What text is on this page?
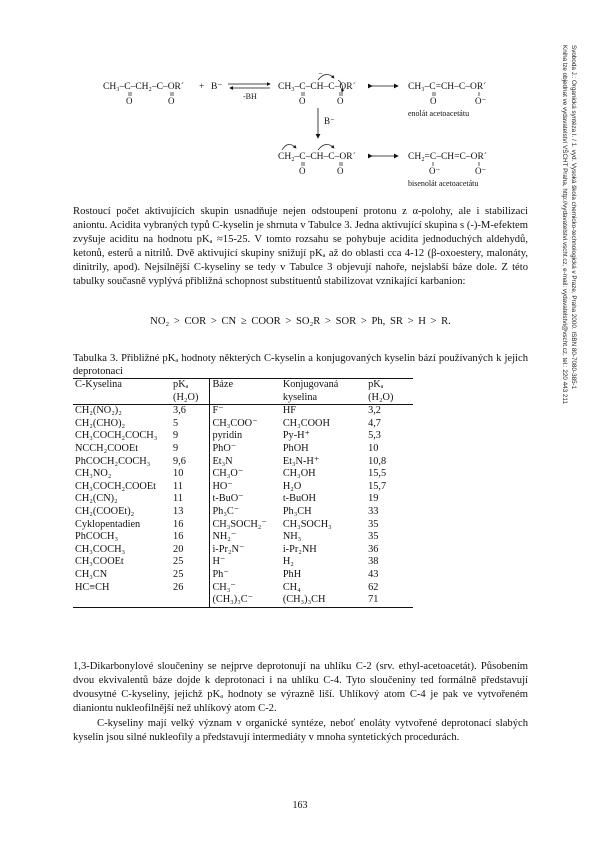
CH₃–C–CH₂–C–OR´
O	O
+ B⁻
-BH
CH₃–C–CH–C–OR´
⁻
O	O
CH₃–C=CH–C–OR´
O	O⁻
enolát acetoacetátu
B⁻
CH₂–C–CH–C–OR´
O	O
CH₂=C–CH=C–OR´
O⁻	O⁻
bisenolát acetoacetátu	Svoboda J.: Organická syntéza I. / 1. vyd. Vysoká škola chemicko-technologická v Praze, Praha 2000. ISBN 80-7080-385-1
Kniha lze objednat ve vydavatelství VŠCHT Praha, http://vydavatelstvi.vscht.cz, e-mail: vydavatelstvi@vscht.cz, tel.: 220 443 211

Rostoucí počet aktivujících skupin usnadňuje nejen odstoupení protonu z α-polohy, ale i stabilizaci aniontu. Acidita vybraných typů C-kyselin je shrnuta v Tabulce 3. Jedna aktivující skupina s (-)-M-efektem zvyšuje aciditu na hodnotu pKₐ ≈15-25. V tomto rozsahu se pohybuje acidita jednoduchých aldehydů, ketonů, esterů a nitrilů. Dvě aktivující skupiny snižují pKₐ až do oblasti cca 4-12 (β-oxoestery, malonáty, dinitrily, apod). Nejsilnější C-kyseliny se tedy v Tabulce 3 objevují nahoře, nejslabší báze dole. Z této tabulky současně vyplývá přibližná schopnost substituentů stabilizovat vznikající karbanion:

NO₂ > COR > CN ≥ COOR > SO₂R > SOR > Ph, SR > H > R.

Tabulka 3. Přibližné pKₐ hodnoty některých C-kyselin a konjugovaných kyselin bází používaných k jejich deprotonaci

C-Kyselina	pKₐ	Báze	Konjugovaná	pKₐ
	(H₂O)		kyselina	(H₂O)
CH₂(NO₂)₂	3,6	F⁻	HF	3,2
CH₂(CHO)₂	5	CH₃COO⁻	CH₃COOH	4,7
CH₃COCH₂COCH₃	9	pyridin	Py-H⁺	5,3
NCCH₂COOEt	9	PhO⁻	PhOH	10
PhCOCH₂COCH₃	9,6	Et₃N	Et₃N-H⁺	10,8
CH₃NO₂	10	CH₃O⁻	CH₃OH	15,5
CH₃COCH₂COOEt	11	HO⁻	H₂O	15,7
CH₂(CN)₂	11	t-BuO⁻	t-BuOH	19
CH₂(COOEt)₂	13	Ph₃C⁻	Ph₃CH	33
Cyklopentadien	16	CH₃SOCH₂⁻	CH₃SOCH₃	35
PhCOCH₃	16	NH₂⁻	NH₃	35
CH₃COCH₃	20	i-Pr₂N⁻	i-Pr₂NH	36
CH₃COOEt	25	H⁻	H₂	38
CH₃CN	25	Ph⁻	PhH	43
HC≡CH	26	CH₃⁻	CH₄	62
		(CH₃)₃C⁻	(CH₃)₃CH	71

1,3-Dikarbonylové sloučeniny se nejprve deprotonují na uhlíku C-2 (srv. ethyl-acetoacetát). Působením dvou ekvivalentů báze dojde k deprotonaci i na uhlíku C-4. Tyto sloučeniny ted formálně představují dvousytné C-kyseliny, jejichž pKₐ hodnoty se výrazně liší. Uhlíkový atom C-4 je pak ve vytvořeném dianiontu nukleofilnější než uhlíkový atom C-2.

C-kyseliny mají velký význam v organické syntéze, neboť enoláty vytvořené deprotonací slabých kyselin jsou silné nukleofily a představují intermediáty v mnoha syntetických procedurách.

163
